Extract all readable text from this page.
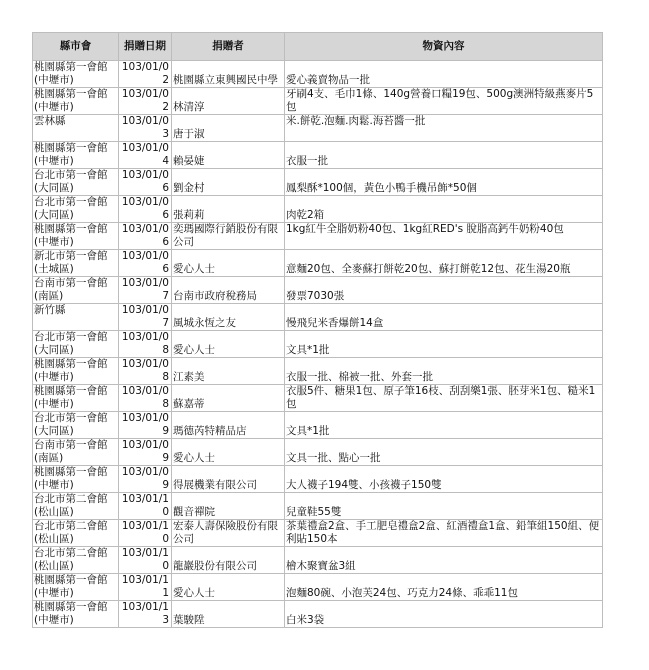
縣市會	捐贈日期	捐贈者	物資內容
桃園縣第一會館
(中壢市)	103/01/02	桃園縣立東興國民中學	愛心義賣物品一批
桃園縣第一會館
(中壢市)	103/01/02	林清淳	牙刷4支、毛巾1條、140g營養口糧19包、500g澳洲特級燕麥片5包
雲林縣	103/01/03	唐于淑	米.餅乾.泡麵.肉鬆.海苔醬一批
桃園縣第一會館
(中壢市)	103/01/04	賴晏婕	衣服一批
台北市第一會館
(大同區)	103/01/06	劉金村	鳳梨酥*100個，黃色小鴨手機吊飾*50個
台北市第一會館
(大同區)	103/01/06	張莉莉	肉乾2箱
桃園縣第一會館
(中壢市)	103/01/06	奕瑪國際行銷股份有限公司	1kg紅牛全脂奶粉40包、1kg紅RED's 脫脂高鈣牛奶粉40包
新北市第一會館
(土城區)	103/01/06	愛心人士	意麵20包、全麥蘇打餅乾20包、蘇打餅乾12包、花生湯20瓶
台南市第一會館
(南區)	103/01/07	台南市政府稅務局	發票7030張
新竹縣	103/01/07	風城永恆之友	慢飛兒米香爆餅14盒
台北市第一會館
(大同區)	103/01/08	愛心人士	文具*1批
桃園縣第一會館
(中壢市)	103/01/08	江素美	衣服一批、棉被一批、外套一批
桃園縣第一會館
(中壢市)	103/01/08	蘇嘉蒂	衣服5件、糖果1包、原子筆16枝、刮刮樂1張、胚芽米1包、糙米1包
台北市第一會館
(大同區)	103/01/09	瑪德芮特精品店	文具*1批
台南市第一會館
(南區)	103/01/09	愛心人士	文具一批、點心一批
桃園縣第一會館
(中壢市)	103/01/09	得展機業有限公司	大人襪子194雙、小孩襪子150雙
台北市第二會館
(松山區)	103/01/10	觀音禪院	兒童鞋55雙
台北市第二會館
(松山區)	103/01/10	宏泰人壽保險股份有限公司	茶葉禮盒2盒、手工肥皂禮盒2盒、紅酒禮盒1盒、鉛筆組150組、便利貼150本
台北市第二會館
(松山區)	103/01/10	龍巖股份有限公司	檜木聚寶盆3組
桃園縣第一會館
(中壢市)	103/01/11	愛心人士	泡麵80碗、小泡芙24包、巧克力24條、乖乖11包
桃園縣第一會館
(中壢市)	103/01/13	葉駿陞	白米3袋
